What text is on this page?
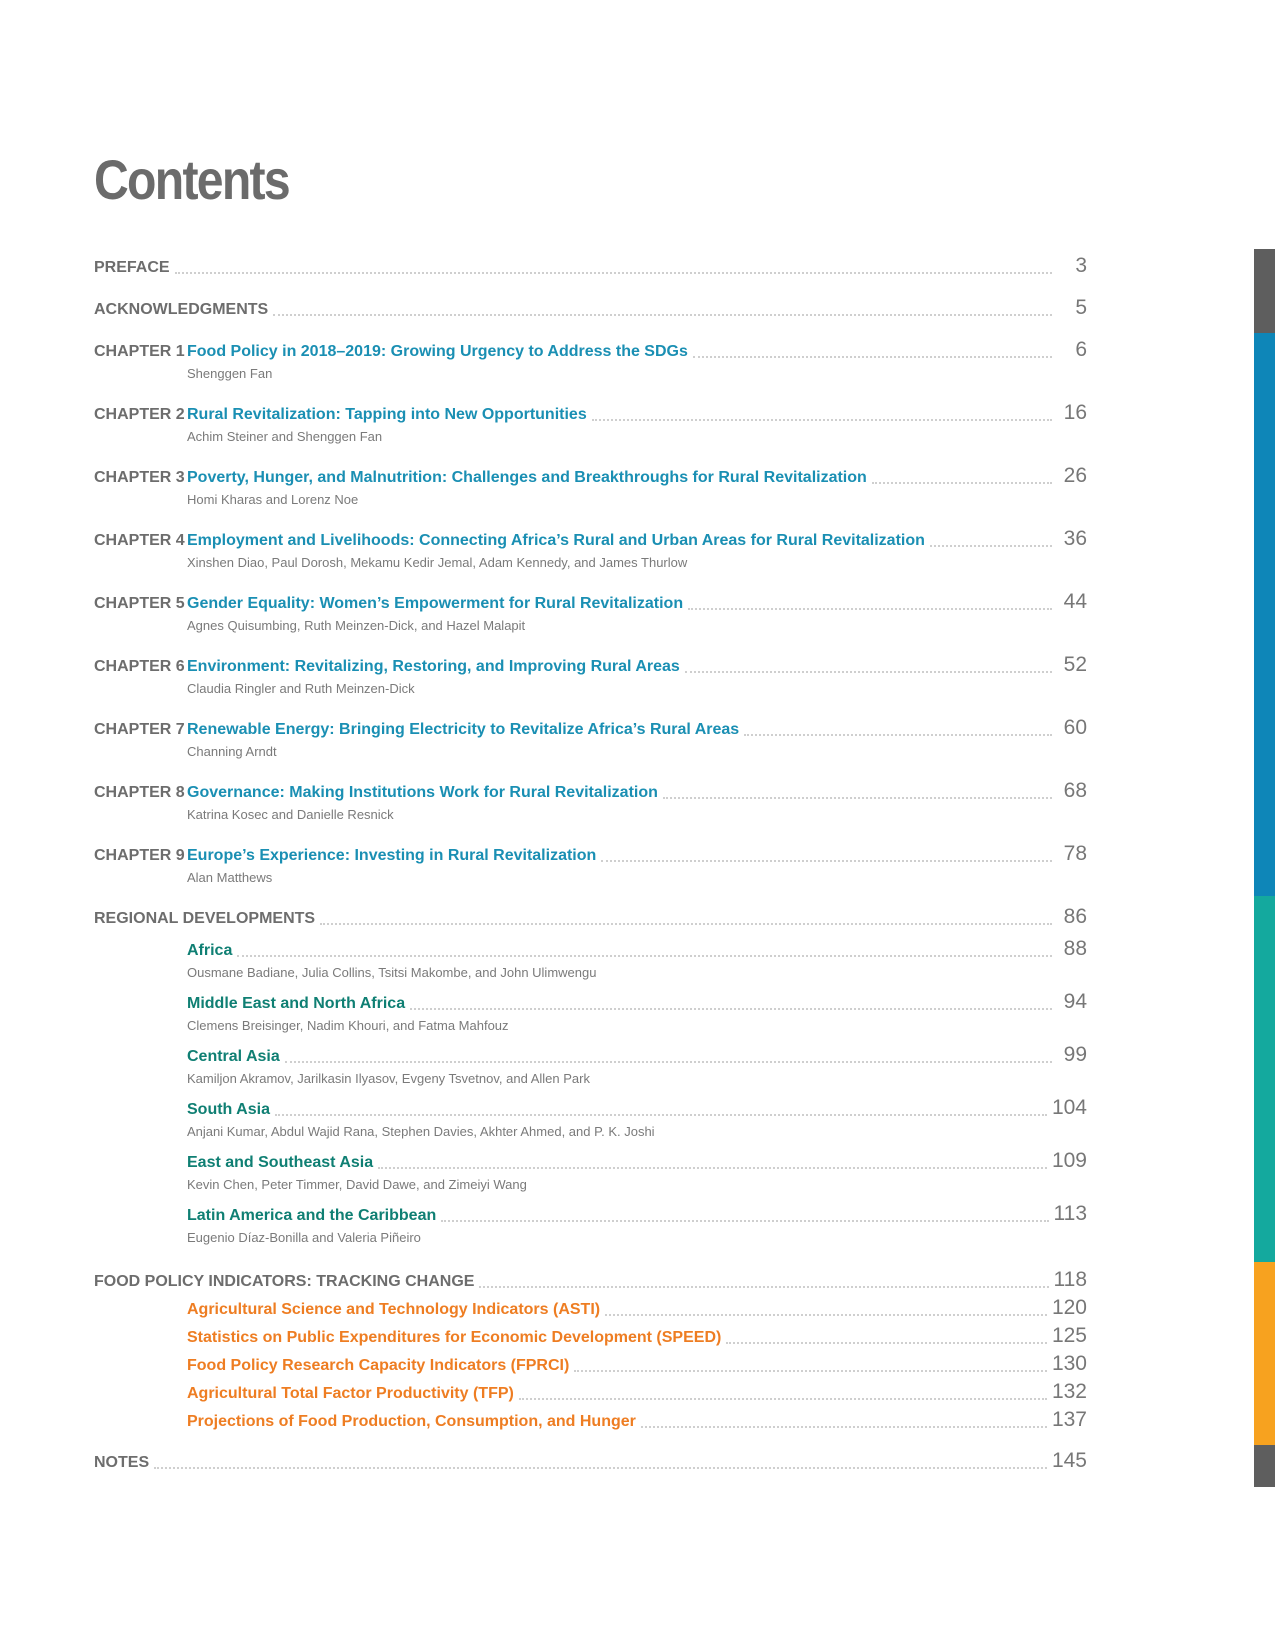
Contents
PREFACE	3
ACKNOWLEDGMENTS	5
CHAPTER 1 Food Policy in 2018–2019: Growing Urgency to Address the SDGs	6
Shenggen Fan
CHAPTER 2 Rural Revitalization: Tapping into New Opportunities	16
Achim Steiner and Shenggen Fan
CHAPTER 3 Poverty, Hunger, and Malnutrition: Challenges and Breakthroughs for Rural Revitalization	26
Homi Kharas and Lorenz Noe
CHAPTER 4 Employment and Livelihoods: Connecting Africa’s Rural and Urban Areas for Rural Revitalization	36
Xinshen Diao, Paul Dorosh, Mekamu Kedir Jemal, Adam Kennedy, and James Thurlow
CHAPTER 5 Gender Equality: Women’s Empowerment for Rural Revitalization	44
Agnes Quisumbing, Ruth Meinzen-Dick, and Hazel Malapit
CHAPTER 6 Environment: Revitalizing, Restoring, and Improving Rural Areas	52
Claudia Ringler and Ruth Meinzen-Dick
CHAPTER 7 Renewable Energy: Bringing Electricity to Revitalize Africa’s Rural Areas	60
Channing Arndt
CHAPTER 8 Governance: Making Institutions Work for Rural Revitalization	68
Katrina Kosec and Danielle Resnick
CHAPTER 9 Europe’s Experience: Investing in Rural Revitalization	78
Alan Matthews
REGIONAL DEVELOPMENTS	86
Africa	88
Ousmane Badiane, Julia Collins, Tsitsi Makombe, and John Ulimwengu
Middle East and North Africa	94
Clemens Breisinger, Nadim Khouri, and Fatma Mahfouz
Central Asia	99
Kamiljon Akramov, Jarilkasin Ilyasov, Evgeny Tsvetnov, and Allen Park
South Asia	104
Anjani Kumar, Abdul Wajid Rana, Stephen Davies, Akhter Ahmed, and P. K. Joshi
East and Southeast Asia	109
Kevin Chen, Peter Timmer, David Dawe, and Zimeiyi Wang
Latin America and the Caribbean	113
Eugenio Díaz-Bonilla and Valeria Piñeiro
FOOD POLICY INDICATORS: TRACKING CHANGE	118
Agricultural Science and Technology Indicators (ASTI)	120
Statistics on Public Expenditures for Economic Development (SPEED)	125
Food Policy Research Capacity Indicators (FPRCI)	130
Agricultural Total Factor Productivity (TFP)	132
Projections of Food Production, Consumption, and Hunger	137
NOTES	145
